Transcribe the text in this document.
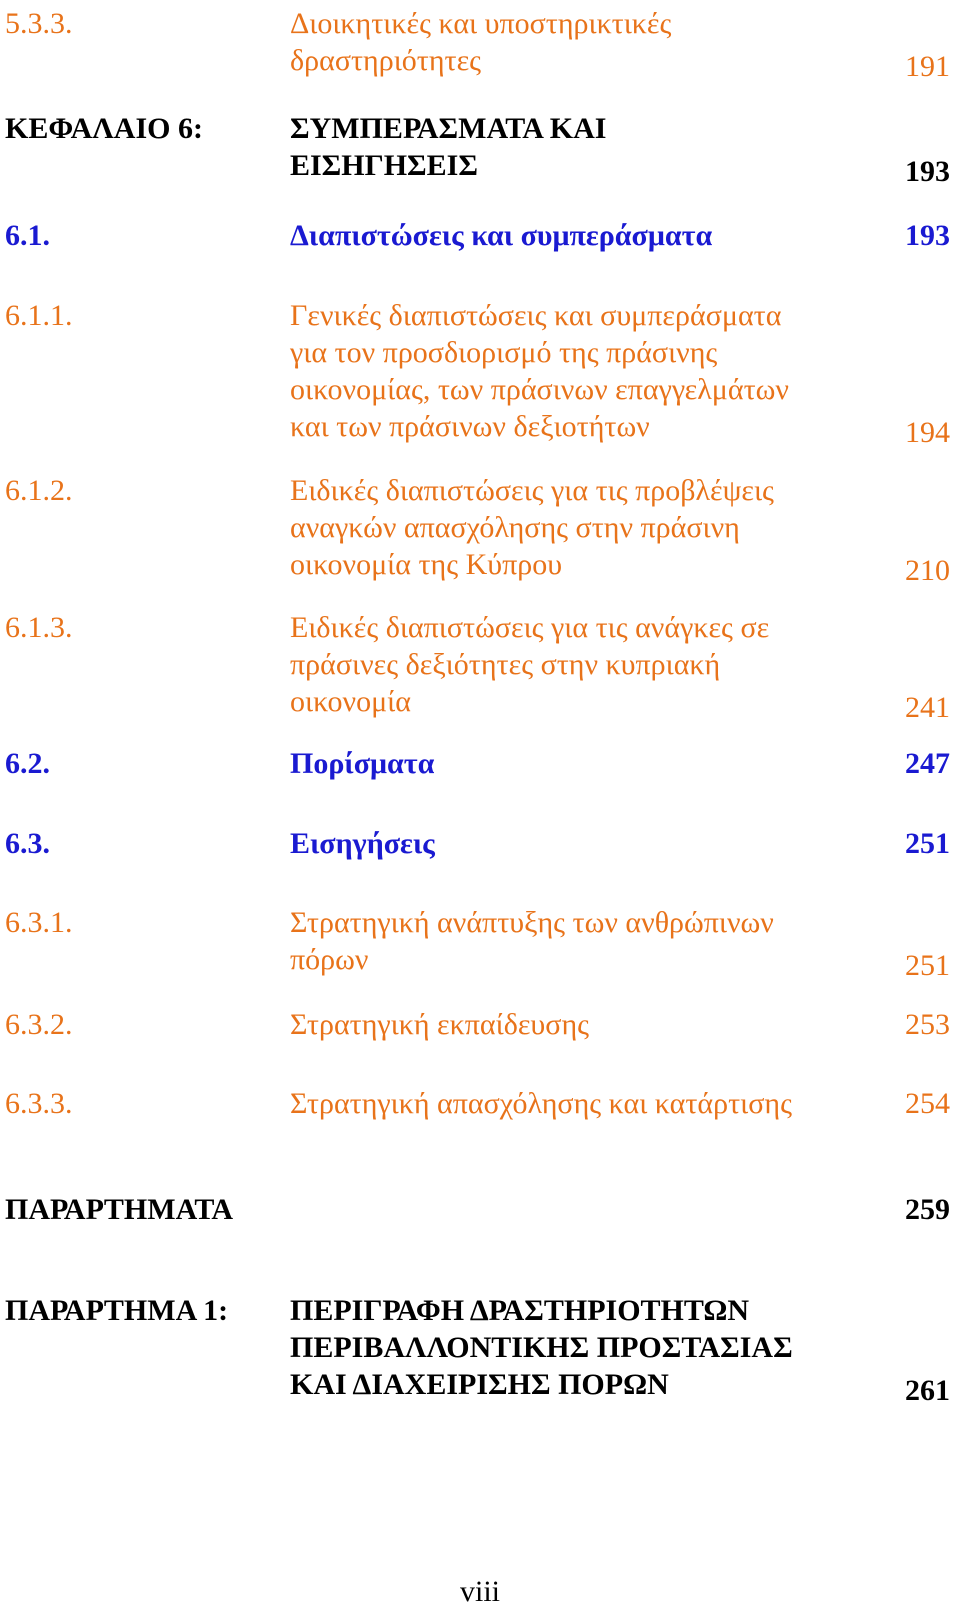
5.3.3.	Διοικητικές και υποστηρικτικές
δραστηριότητες	191
ΚΕΦΑΛΑΙΟ 6:	ΣΥΜΠΕΡΑΣΜΑΤΑ ΚΑΙ
ΕΙΣΗΓΗΣΕΙΣ	193
6.1.	Διαπιστώσεις και συμπεράσματα	193
6.1.1.	Γενικές διαπιστώσεις και συμπεράσματα
για τον προσδιορισμό της πράσινης
οικονομίας, των πράσινων επαγγελμάτων
και των πράσινων δεξιοτήτων	194
6.1.2.	Ειδικές διαπιστώσεις για τις προβλέψεις
αναγκών απασχόλησης στην πράσινη
οικονομία της Κύπρου	210
6.1.3.	Ειδικές διαπιστώσεις για τις ανάγκες σε
πράσινες δεξιότητες στην κυπριακή
οικονομία	241
6.2.	Πορίσματα	247
6.3.	Εισηγήσεις	251
6.3.1.	Στρατηγική ανάπτυξης των ανθρώπινων
πόρων	251
6.3.2.	Στρατηγική εκπαίδευσης	253
6.3.3.	Στρατηγική απασχόλησης και κατάρτισης	254
ΠΑΡΑΡΤΗΜΑΤΑ	259
ΠΑΡΑΡΤΗΜΑ 1: ΠΕΡΙΓΡΑΦΗ ΔΡΑΣΤΗΡΙΟΤΗΤΩΝ
ΠΕΡΙΒΑΛΛΟΝΤΙΚΗΣ ΠΡΟΣΤΑΣΙΑΣ
ΚΑΙ ΔΙΑΧΕΙΡΙΣΗΣ ΠΟΡΩΝ	261
viii
